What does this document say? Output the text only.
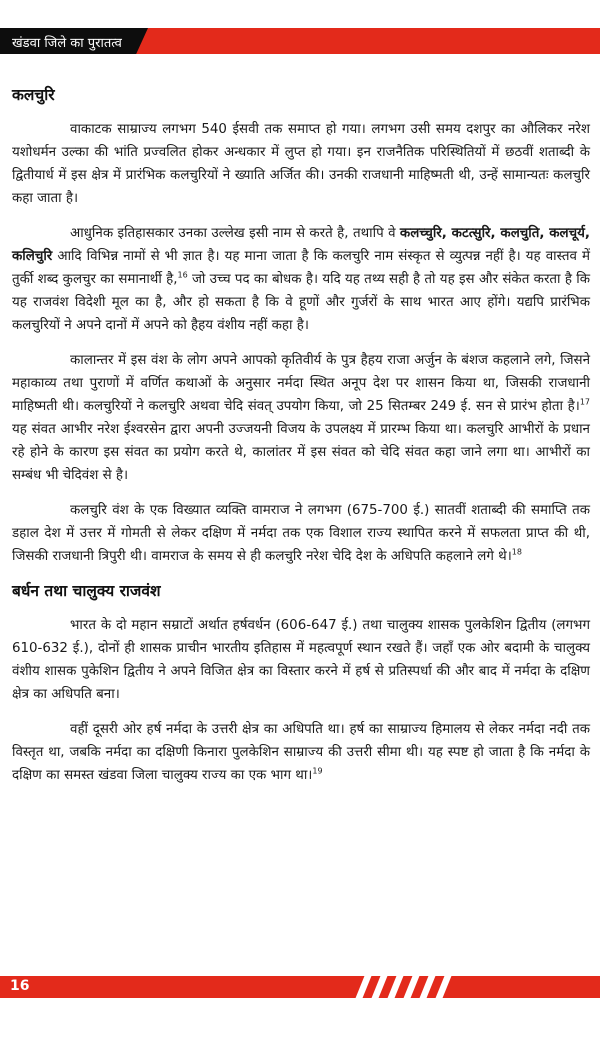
खंडवा जिले का पुरातत्व
कलचुरि

वाकाटक साम्राज्य लगभग 540 ईसवी तक समाप्त हो गया। लगभग उसी समय दशपुर का औलिकर नरेश यशोधर्मन उल्का की भांति प्रज्वलित होकर अन्धकार में लुप्त हो गया। इन राजनैतिक परिस्थितियों में छठवीं शताब्दी के द्वितीयार्ध में इस क्षेत्र में प्रारंभिक कलचुरियों ने ख्याति अर्जित की। उनकी राजधानी माहिष्मती थी, उन्हें सामान्यतः कलचुरि कहा जाता है।

आधुनिक इतिहासकार उनका उल्लेख इसी नाम से करते है, तथापि वे कलच्चुरि, कटत्सुरि, कलचुति, कलचूर्य, कलिचुरि आदि विभिन्न नामों से भी ज्ञात है। यह माना जाता है कि कलचुरि नाम संस्कृत से व्युत्पन्न नहीं है। यह वास्तव में तुर्की शब्द कुलचुर का समानार्थी है,$^{16}$ जो उच्च पद का बोधक है। यदि यह तथ्य सही है तो यह इस और संकेत करता है कि यह राजवंश विदेशी मूल का है, और हो सकता है कि वे हूणों और गुर्जरों के साथ भारत आए होंगे। यद्यपि प्रारंभिक कलचुरियों ने अपने दानों में अपने को हैहय वंशीय नहीं कहा है।

कालान्तर में इस वंश के लोग अपने आपको कृतिवीर्य के पुत्र हैहय राजा अर्जुन के बंशज कहलाने लगे, जिसने महाकाव्य तथा पुराणों में वर्णित कथाओं के अनुसार नर्मदा स्थित अनूप देश पर शासन किया था, जिसकी राजधानी माहिष्मती थी। कलचुरियों ने कलचुरि अथवा चेदि संवत् उपयोग किया, जो 25 सितम्बर 249 ई. सन से प्रारंभ होता है।$^{17}$ यह संवत आभीर नरेश ईश्वरसेन द्वारा अपनी उज्जयनी विजय के उपलक्ष्य में प्रारम्भ किया था। कलचुरि आभीरों के प्रधान रहे होने के कारण इस संवत का प्रयोग करते थे, कालांतर में इस संवत को चेदि संवत कहा जाने लगा था। आभीरों का सम्बंध भी चेदिवंश से है।

कलचुरि वंश के एक विख्यात व्यक्ति वामराज ने लगभग (675-700 ई.) सातवीं शताब्दी की समाप्ति तक डहाल देश में उत्तर में गोमती से लेकर दक्षिण में नर्मदा तक एक विशाल राज्य स्थापित करने में सफलता प्राप्त की थी, जिसकी राजधानी त्रिपुरी थी। वामराज के समय से ही कलचुरि नरेश चेदि देश के अधिपति कहलाने लगे थे।$^{18}$

बर्धन तथा चालुक्य राजवंश

भारत के दो महान सम्राटों अर्थात हर्षवर्धन (606-647 ई.) तथा चालुक्य शासक पुलकेशिन द्वितीय (लगभग 610-632 ई.), दोनों ही शासक प्राचीन भारतीय इतिहास में महत्वपूर्ण स्थान रखते हैं। जहाँ एक ओर बदामी के चालुक्य वंशीय शासक पुकेशिन द्वितीय ने अपने विजित क्षेत्र का विस्तार करने में हर्ष से प्रतिस्पर्धा की और बाद में नर्मदा के दक्षिण क्षेत्र का अधिपति बना।

वहीं दूसरी ओर हर्ष नर्मदा के उत्तरी क्षेत्र का अधिपति था। हर्ष का साम्राज्य हिमालय से लेकर नर्मदा नदी तक विस्तृत था, जबकि नर्मदा का दक्षिणी किनारा पुलकेशिन साम्राज्य की उत्तरी सीमा थी। यह स्पष्ट हो जाता है कि नर्मदा के दक्षिण का समस्त खंडवा जिला चालुक्य राज्य का एक भाग था।$^{19}$

16
